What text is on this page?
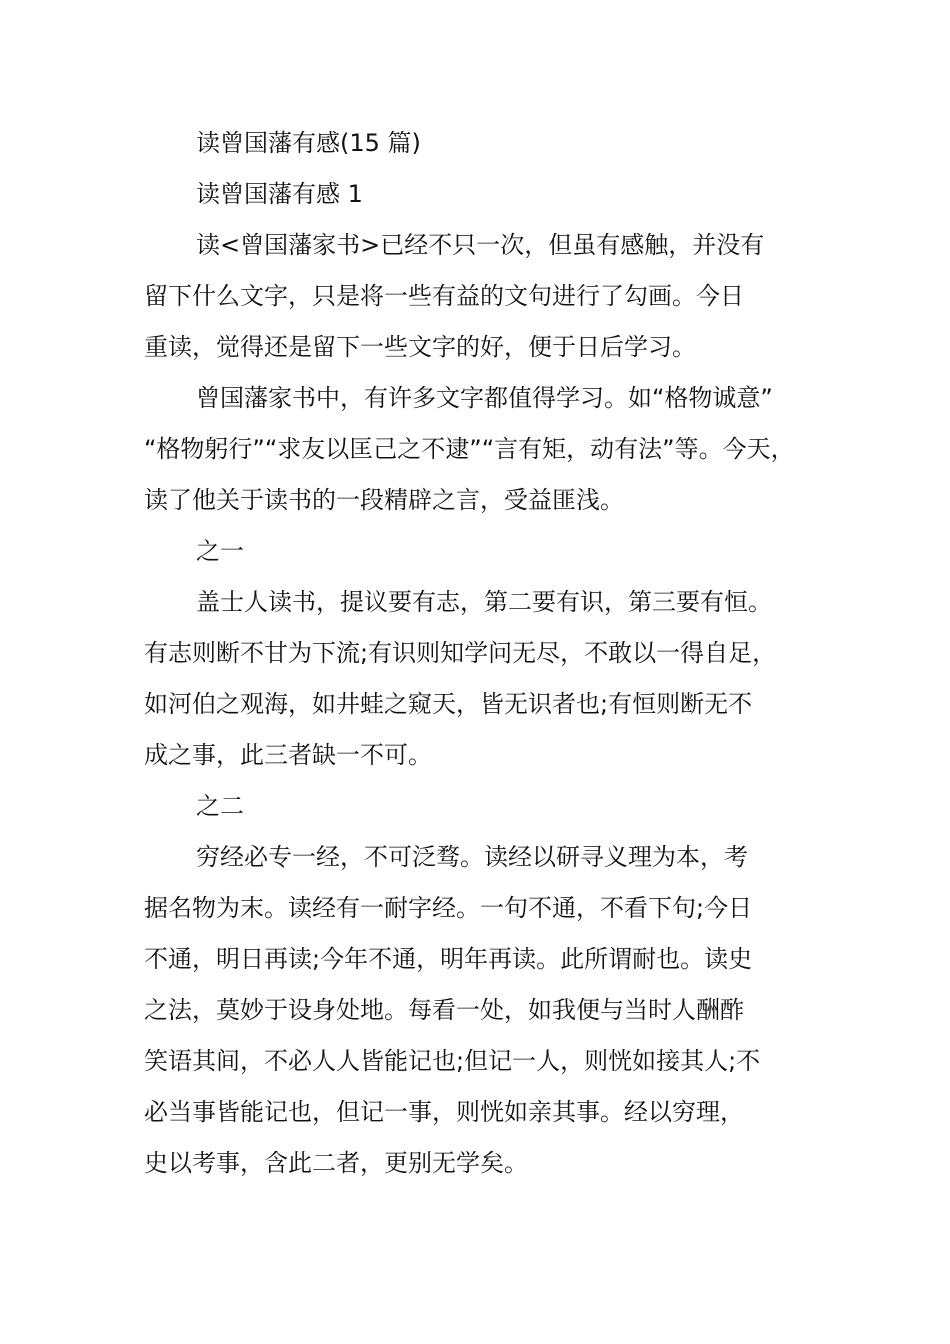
读曾国藩有感(15 篇)
读曾国藩有感 1
读<曾国藩家书>已经不只一次，但虽有感触，并没有
留下什么文字，只是将一些有益的文句进行了勾画。今日
重读，觉得还是留下一些文字的好，便于日后学习。
曾国藩家书中，有许多文字都值得学习。如“格物诚意”
“格物躬行”“求友以匡己之不逮”“言有矩，动有法”等。今天，
读了他关于读书的一段精辟之言，受益匪浅。
之一
盖士人读书，提议要有志，第二要有识，第三要有恒。
有志则断不甘为下流;有识则知学问无尽，不敢以一得自足，
如河伯之观海，如井蛙之窥天，皆无识者也;有恒则断无不
成之事，此三者缺一不可。
之二
穷经必专一经，不可泛骛。读经以研寻义理为本，考
据名物为末。读经有一耐字经。一句不通，不看下句;今日
不通，明日再读;今年不通，明年再读。此所谓耐也。读史
之法，莫妙于设身处地。每看一处，如我便与当时人酬酢
笑语其间，不必人人皆能记也;但记一人，则恍如接其人;不
必当事皆能记也，但记一事，则恍如亲其事。经以穷理，
史以考事，含此二者，更别无学矣。
